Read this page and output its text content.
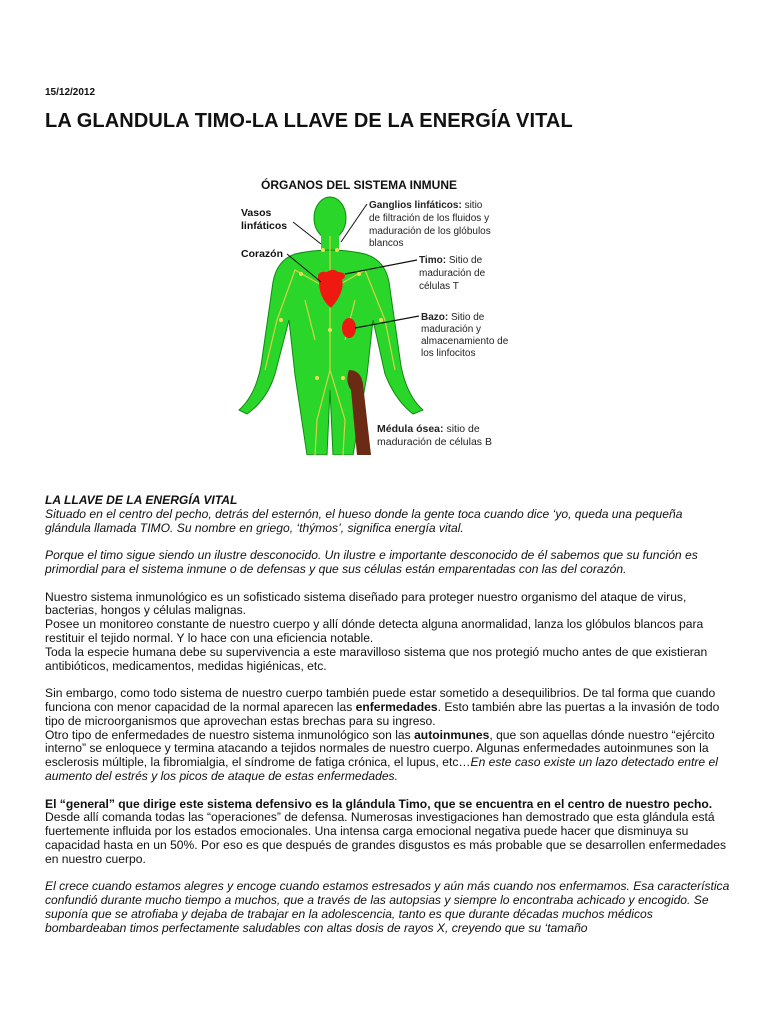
15/12/2012
LA GLANDULA TIMO-LA LLAVE DE LA ENERGÍA VITAL
ÓRGANOS DEL SISTEMA INMUNE
Vasos linfáticos
Corazón
Ganglios linfáticos: sitio de filtración de los fluidos y maduración de los glóbulos blancos
Timo: Sitio de maduración de células T
Bazo: Sitio de maduración y almacenamiento de los linfocitos
Médula ósea: sitio de maduración de células B
LA LLAVE DE LA ENERGÍA VITAL

Situado en el centro del pecho, detrás del esternón, el hueso donde la gente toca cuando dice ‘yo, queda una pequeña glándula llamada TIMO. Su nombre en griego, ‘thýmos’, significa energía vital.

Porque el timo sigue siendo un ilustre desconocido. Un ilustre e importante desconocido de él sabemos que su función es primordial para el sistema inmune o de defensas y que sus células están emparentadas con las del corazón.

Nuestro sistema inmunológico es un sofisticado sistema diseñado para proteger nuestro organismo del ataque de virus, bacterias, hongos y células malignas.

Posee un monitoreo constante de nuestro cuerpo y allí dónde detecta alguna anormalidad, lanza los glóbulos blancos para restituir el tejido normal. Y lo hace con una eficiencia notable.

Toda la especie humana debe su supervivencia a este maravilloso sistema que nos protegió mucho antes de que existieran antibióticos, medicamentos, medidas higiénicas, etc.

Sin embargo, como todo sistema de nuestro cuerpo también puede estar sometido a desequilibrios. De tal forma que cuando funciona con menor capacidad de la normal aparecen las enfermedades. Esto también abre las puertas a la invasión de todo tipo de microorganismos que aprovechan estas brechas para su ingreso.

Otro tipo de enfermedades de nuestro sistema inmunológico son las autoinmunes, que son aquellas dónde nuestro “ejército interno” se enloquece y termina atacando a tejidos normales de nuestro cuerpo. Algunas enfermedades autoinmunes son la esclerosis múltiple, la fibromialgia, el síndrome de fatiga crónica, el lupus, etc…En este caso existe un lazo detectado entre el aumento del estrés y los picos de ataque de estas enfermedades.

El “general” que dirige este sistema defensivo es la glándula Timo, que se encuentra en el centro de nuestro pecho. Desde allí comanda todas las “operaciones” de defensa. Numerosas investigaciones han demostrado que esta glándula está fuertemente influida por los estados emocionales. Una intensa carga emocional negativa puede hacer que disminuya su capacidad hasta en un 50%. Por eso es que después de grandes disgustos es más probable que se desarrollen enfermedades en nuestro cuerpo.

El crece cuando estamos alegres y encoge cuando estamos estresados y aún más cuando nos enfermamos. Esa característica confundió durante mucho tiempo a muchos, que a través de las autopsias y siempre lo encontraba achicado y encogido. Se suponía que se atrofiaba y dejaba de trabajar en la adolescencia, tanto es que durante décadas muchos médicos bombardeaban timos perfectamente saludables con altas dosis de rayos X, creyendo que su ‘tamaño
